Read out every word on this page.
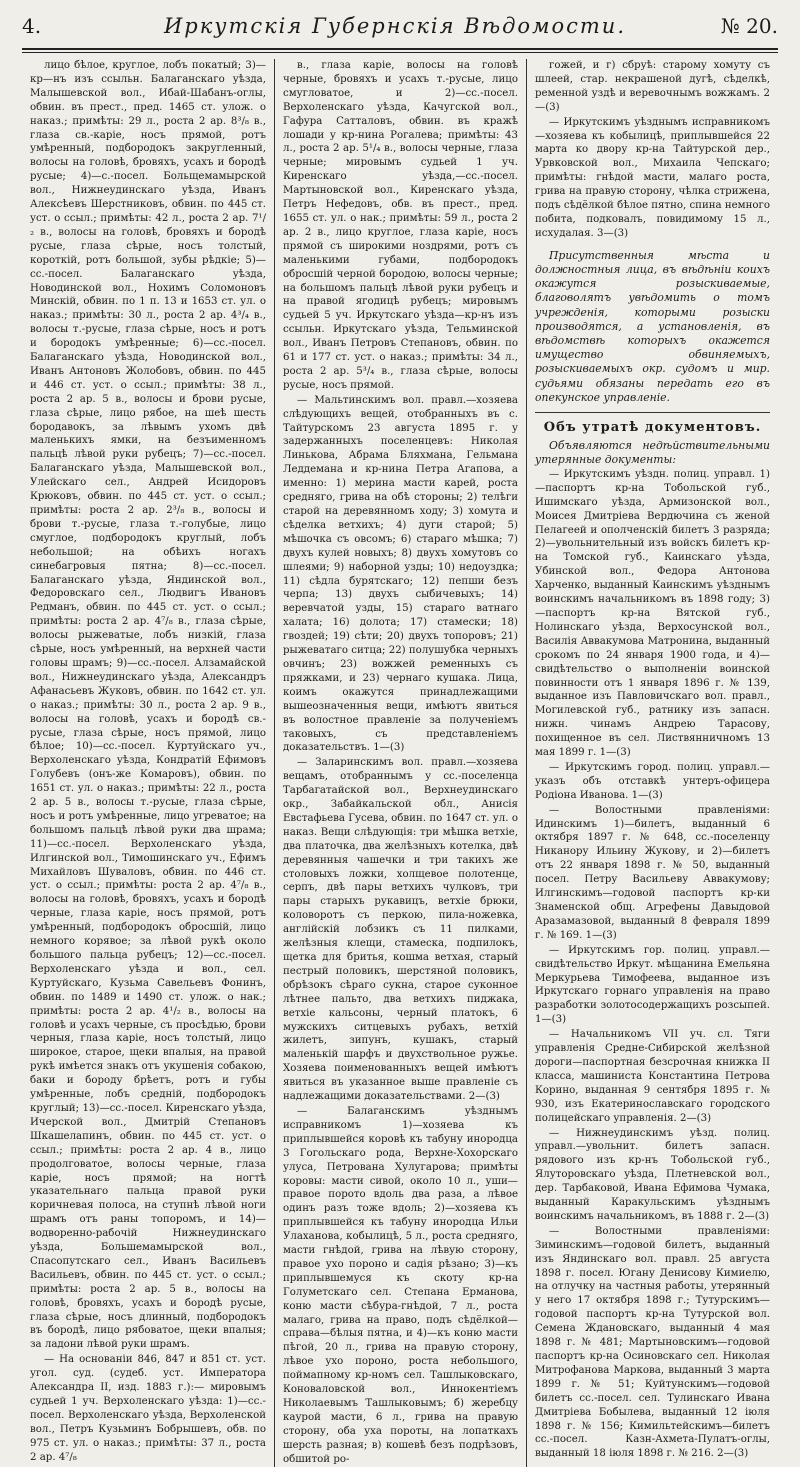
4.	Иркутскія Губернскія Вѣдомости.	№ 20.

лицо бѣлое, круглое, лобъ покатый; 3)—кр—нъ изъ ссыльн. Балаганскаго уѣзда, Малышевской вол., Ибай-Шабанъ-оглы, обвин. въ прест., пред. 1465 ст. улож. о наказ.; примѣты: 29 л., роста 2 ар. 8³/₈ в., глаза св.-каріе, носъ прямой, ротъ умѣренный, подбородокъ закругленный, волосы на головѣ, бровяхъ, усахъ и бородѣ русые; 4)—с.-посел. Больщемамырской вол., Нижнеудинскаго уѣзда, Иванъ Алексѣевъ Шерстниковъ, обвин. по 445 ст. уст. о ссыл.; примѣты: 42 л., роста 2 ар. 7¹/₂ в., волосы на головѣ, бровяхъ и бородѣ русые, глаза сѣрые, носъ толстый, короткій, ротъ большой, зубы рѣдкіе; 5)—сс.-посел. Балаганскаго уѣзда, Новодинской вол., Нохимъ Соломоновъ Минскій, обвин. по 1 п. 13 и 1653 ст. ул. о наказ.; примѣты: 30 л., роста 2 ар. 4³/₄ в., волосы т.-русые, глаза сѣрые, носъ и ротъ и бородокъ умѣренные; 6)—сс.-посел. Балаганскаго уѣзда, Новодинской вол., Иванъ Антоновъ Жолобовъ, обвин. по 445 и 446 ст. уст. о ссыл.; примѣты: 38 л., роста 2 ар. 5 в., волосы и брови русые, глаза сѣрые, лицо рябое, на шеѣ шесть бородавокъ, за лѣвымъ ухомъ двѣ маленькихъ ямки, на безъименномъ пальцѣ лѣвой руки рубецъ; 7)—сс.-посел. Балаганскаго уѣзда, Малышевской вол., Улейскаго сел., Андрей Исидоровъ Крюковъ, обвин. по 445 ст. уст. о ссыл.; примѣты: роста 2 ар. 2³/₈ в., волосы и брови т.-русые, глаза т.-голубые, лицо смуглое, подбородокъ круглый, лобъ небольшой; на обѣихъ ногахъ синебагровыя пятна; 8)—сс.-посел. Балаганскаго уѣзда, Яндинской вол., Федоровскаго сел., Людвигъ Ивановъ Редманъ, обвин. по 445 ст. уст. о ссыл.; примѣты: роста 2 ар. 4⁷/₈ в., глаза сѣрые, волосы рыжеватые, лобъ низкій, глаза сѣрые, носъ умѣренный, на верхней части головы шрамъ; 9)—сс.-посел. Алзамайской вол., Нижнеудинскаго уѣзда, Александръ Афанасьевъ Жуковъ, обвин. по 1642 ст. ул. о наказ.; примѣты: 30 л., роста 2 ар. 9 в., волосы на головѣ, усахъ и бородѣ св.-русые, глаза сѣрые, носъ прямой, лицо бѣлое; 10)—сс.-посел. Куртуйскаго уч., Верхоленскаго уѣзда, Кондратій Ефимовъ Голубевъ (онъ-же Комаровъ), обвин. по 1651 ст. ул. о наказ.; примѣты: 22 л., роста 2 ар. 5 в., волосы т.-русые, глаза сѣрые, носъ и ротъ умѣренные, лицо угреватое; на большомъ пальцѣ лѣвой руки два шрама; 11)—сс.-посел. Верхоленскаго уѣзда, Илгинской вол., Тимошинскаго уч., Ефимъ Михайловъ Шуваловъ, обвин. по 446 ст. уст. о ссыл.; примѣты: роста 2 ар. 4⁷/₈ в., волосы на головѣ, бровяхъ, усахъ и бородѣ черные, глаза каріе, носъ прямой, ротъ умѣренный, подбородокъ обросшій, лицо немного корявое; за лѣвой рукѣ около большого пальца рубецъ; 12)—сс.-посел. Верхоленскаго уѣзда и вол., сел. Куртуйскаго, Кузьма Савельевъ Фонинъ, обвин. по 1489 и 1490 ст. улож. о нак.; примѣты: роста 2 ар. 4¹/₂ в., волосы на головѣ и усахъ черные, съ просѣдью, брови черныя, глаза каріе, носъ толстый, лицо широкое, старое, щеки впалыя, на правой рукѣ имѣется знакъ отъ укушенія собакою, баки и бороду брѣетъ, ротъ и губы умѣренные, лобъ средній, подбородокъ круглый; 13)—сс.-посел. Киренскаго уѣзда, Ичерской вол., Дмитрій Степановъ Шкашелапинъ, обвин. по 445 ст. уст. о ссыл.; примѣты: роста 2 ар. 4 в., лицо продолговатое, волосы черные, глаза каріе, носъ прямой; на ногтѣ указательнаго пальца правой руки коричневая полоса, на ступнѣ лѣвой ноги шрамъ отъ раны топоромъ, и 14)—водворенно-рабочій Нижнеудинскаго уѣзда, Большемамырской вол., Спасопутскаго сел., Иванъ Васильевъ Васильевъ, обвин. по 445 ст. уст. о ссыл.; примѣты: роста 2 ар. 5 в., волосы на головѣ, бровяхъ, усахъ и бородѣ русые, глаза сѣрые, носъ длинный, подбородокъ въ бородѣ, лицо рябоватое, щеки впалыя; за ладони лѣвой руки шрамъ.

— На основаніи 846, 847 и 851 ст. уст. угол. суд. (судеб. уст. Императора Александра II, изд. 1883 г.):— мировымъ судьей 1 уч. Верхоленскаго уѣзда: 1)—сс.-посел. Верхоленскаго уѣзда, Верхоленской вол., Петръ Кузьминъ Бобрышевъ, обв. по 975 ст. ул. о наказ.; примѣты: 37 л., роста 2 ар. 4⁷/₈

в., глаза каріе, волосы на головѣ черные, бровяхъ и усахъ т.-русые, лицо смугловатое, и 2)—сс.-посел. Верхоленскаго уѣзда, Качугской вол., Гафура Сатталовъ, обвин. въ кражѣ лошади у кр-нина Рогалева; примѣты: 43 л., роста 2 ар. 5¹/₄ в., волосы черные, глаза черные; мировымъ судьей 1 уч. Киренскаго уѣзда,—сс.-посел. Мартыновской вол., Киренскаго уѣзда, Петръ Нефедовъ, обв. въ прест., пред. 1655 ст. ул. о нак.; примѣты: 59 л., роста 2 ар. 2 в., лицо круглое, глаза каріе, носъ прямой съ широкими ноздрями, ротъ съ маленькими губами, подбородокъ обросшій черной бородою, волосы черные; на большомъ пальцѣ лѣвой руки рубецъ и на правой ягодицѣ рубецъ; мировымъ судьей 5 уч. Иркутскаго уѣзда—кр-нъ изъ ссыльн. Иркутскаго уѣзда, Тельминской вол., Иванъ Петровъ Степановъ, обвин. по 61 и 177 ст. уст. о наказ.; примѣты: 34 л., роста 2 ар. 5³/₄ в., глаза сѣрые, волосы русые, носъ прямой.

— Мальтинскимъ вол. правл.—хозяева слѣдующихъ вещей, отобранныхъ въ с. Тайтурскомъ 23 августа 1895 г. у задержанныхъ поселенцевъ: Николая Линькова, Абрама Бляхмана, Гельмана Леддемана и кр-нина Петра Агапова, а именно: 1) мерина масти карей, роста средняго, грива на обѣ стороны; 2) телѣги старой на деревянномъ ходу; 3) хомута и сѣделка ветхихъ; 4) дуги старой; 5) мѣшочка съ овсомъ; 6) стараго мѣшка; 7) двухъ кулей новыхъ; 8) двухъ хомутовъ со шлеями; 9) наборной узды; 10) недоуздка; 11) сѣдла бурятскаго; 12) пепши безъ черпа; 13) двухъ сыбичевыхъ; 14) веревчатой узды, 15) стараго ватнаго халата; 16) долота; 17) стамески; 18) гвоздей; 19) сѣти; 20) двухъ топоровъ; 21) рыжеватаго ситца; 22) полушубка черныхъ овчинъ; 23) вожжей ременныхъ съ пряжками, и 23) чернаго кушака. Лица, коимъ окажутся принадлежащими вышеозначенныя вещи, имѣютъ явиться въ волостное правленіе за полученіемъ таковыхъ, съ представленіемъ доказательствъ. 1—(3)

— Заларинскимъ вол. правл.—хозяева вещамъ, отобраннымъ у сс.-поселенца Тарбагатайской вол., Верхнеудинскаго окр., Забайкальской обл., Анисія Евстафьева Гусева, обвин. по 1647 ст. ул. о наказ. Вещи слѣдующія: три мѣшка ветхіе, два платочка, два желѣзныхъ котелка, двѣ деревянныя чашечки и три такихъ же столовыхъ ложки, холщевое полотенце, серпъ, двѣ пары ветхихъ чулковъ, три пары старыхъ рукавицъ, ветхіе брюки, коловоротъ съ перкою, пила-ножевка, англійскій лобзикъ съ 11 пилками, желѣзныя клещи, стамеска, подпилокъ, щетка для бритья, кошма ветхая, старый пестрый половикъ, шерстяной половикъ, обрѣзокъ сѣраго сукна, старое суконное лѣтнее пальто, два ветхихъ пиджака, ветхіе кальсоны, черный платокъ, 6 мужскихъ ситцевыхъ рубахъ, ветхій жилетъ, зипунъ, кушакъ, старый маленькій шарфъ и двухствольное ружье. Хозяева поименованныхъ вещей имѣютъ явиться въ указанное выше правленіе съ надлежащими доказательствами. 2—(3)

— Балаганскимъ уѣзднымъ исправникомъ 1)—хозяева къ приплывшейся коровѣ къ табуну инородца 3 Гогольскаго рода, Верхне-Хохорскаго улуса, Петрована Хулугарова; примѣты коровы: масти сивой, около 10 л., уши—правое порото вдоль два раза, а лѣвое одинъ разъ тоже вдоль; 2)—хозяева къ приплывшейся къ табуну инородца Ильи Улаханова, кобылицѣ, 5 л., роста средняго, масти гнѣдой, грива на лѣвую сторону, правое ухо пороно и садія рѣзано; 3)—къ приплывшемуся къ скоту кр-на Голуметскаго сел. Степана Ерманова, коню масти сѣбура-гнѣдой, 7 л., роста малаго, грива на право, подъ сѣдёлкой—справа—бѣлыя пятна, и 4)—къ коню масти пѣгой, 20 л., грива на правую сторону, лѣвое ухо пороно, роста небольшого, поймапному кр-номъ сел. Ташлыковскаго, Коноваловской вол., Иннокентіемъ Николаевымъ Ташлыковымъ; б) жеребцу каурой масти, 6 л., грива на правую сторону, оба уха пороты, на лопаткахъ шерсть разная; в) кошевѣ безъ подрѣзовъ, обшитой ро-

гожей, и г) сбруѣ: старому хомуту съ шлеей, стар. некрашеной дугѣ, сѣделкѣ, ременной уздѣ и веревочнымъ вожжамъ. 2—(3)

— Иркутскимъ уѣзднымъ исправникомъ—хозяева къ кобылицѣ, приплывшейся 22 марта ко двору кр-на Тайтурской дер., Урвковской вол., Михаила Чепскаго; примѣты: гнѣдой масти, малаго роста, грива на правую сторону, чѣлка стрижена, подъ сѣдёлкой бѣлое пятно, спина немного побита, подковалъ, повидимому 15 л., исхудалая. 3—(3)

Присутственныя мѣста и должностныя лица, въ вѣдѣніи коихъ окажутся розыскиваемые, благоволятъ увѣдомить о томъ учрежденія, которыми розыски производятся, а установленія, въ вѣдомствѣ которыхъ окажется имущество обвиняемыхъ, розыскиваемыхъ окр. судомъ и мир. судьями обязаны передать его въ опекунское управленіе.

Объ утратѣ документовъ.

Объявляются недѣйствительными утерянные документы:

— Иркутскимъ уѣздн. полиц. управл. 1)—паспортъ кр-на Тобольской губ., Ишимскаго уѣзда, Армизонской вол., Моисея Дмитріева Вердючина съ женой Пелагеей и ополченскій билетъ 3 разряда; 2)—увольнительный изъ войскъ билетъ кр-на Томской губ., Каинскаго уѣзда, Убинской вол., Федора Антонова Харченко, выданный Каинскимъ уѣзднымъ воинскимъ начальникомъ въ 1898 году; 3)—паспортъ кр-на Вятской губ., Нолинскаго уѣзда, Верхосунской вол., Василія Аввакумова Матронина, выданный срокомъ по 24 января 1900 года, и 4)—свидѣтельство о выполненіи воинской повинности отъ 1 января 1896 г. № 139, выданное изъ Павловичскаго вол. правл., Могилевской губ., ратнику изъ запасн. нижн. чинамъ Андрею Тарасову, похищенное въ сел. Листвянничномъ 13 мая 1899 г. 1—(3)

— Иркутскимъ город. полиц. управл.—указъ объ отставкѣ унтеръ-офицера Родіона Иванова. 1—(3)

— Волостными правленіями: Идинскимъ 1)—билетъ, выданный 6 октября 1897 г. № 648, сс.-поселенцу Никанору Ильину Жукову, и 2)—билетъ отъ 22 января 1898 г. № 50, выданный посел. Петру Васильеву Аввакумову; Илгинскимъ—годовой паспортъ кр-ки Знаменской общ. Агрефены Давыдовой Аразамазовой, выданный 8 февраля 1899 г. № 169. 1—(3)

— Иркутскимъ гор. полиц. управл.—свидѣтельство Иркут. мѣщанина Емельяна Меркурьева Тимофеева, выданное изъ Иркутскаго горнаго управленія на право разработки золотосодержащихъ розсыпей. 1—(3)

— Начальникомъ VII уч. сл. Тяги управленія Средне-Сибирской желѣзной дороги—паспортная безсрочная книжка II класса, машиниста Константина Петрова Корино, выданная 9 сентября 1895 г. № 930, изъ Екатеринославскаго городского полицейскаго управленія. 2—(3)

— Нижнеудинскимъ уѣзд. полиц. управл.—увольнит. билетъ запасн. рядового изъ кр-нъ Тобольской губ., Ялуторовскаго уѣзда, Плетневской вол., дер. Тарбаковой, Ивана Ефимова Чумака, выданный Каракульскимъ уѣзднымъ воинскимъ начальникомъ, въ 1888 г. 2—(3)

— Волостными правленіями: Зиминскимъ—годовой билетъ, выданный изъ Яндинскаго вол. правл. 25 августа 1898 г. посел. Югану Денисову Кимиелю, на отлучку на частныя работы, утерянный у него 17 октября 1898 г.; Тутурскимъ—годовой паспортъ кр-на Тутурской вол. Семена Ждановскаго, выданный 4 мая 1898 г. № 481; Мартыновскимъ—годовой паспортъ кр-на Осиновскаго сел. Николая Митрофанова Маркова, выданный 3 марта 1899 г. № 51; Куйтунскимъ—годовой билетъ сс.-посел. сел. Тулинскаго Ивана Дмитріева Бобылева, выданный 12 іюля 1898 г. № 156; Кимильтейскимъ—билетъ сс.-посел. Казн-Ахмета-Пулатъ-оглы, выданный 18 іюля 1898 г. № 216. 2—(3)
